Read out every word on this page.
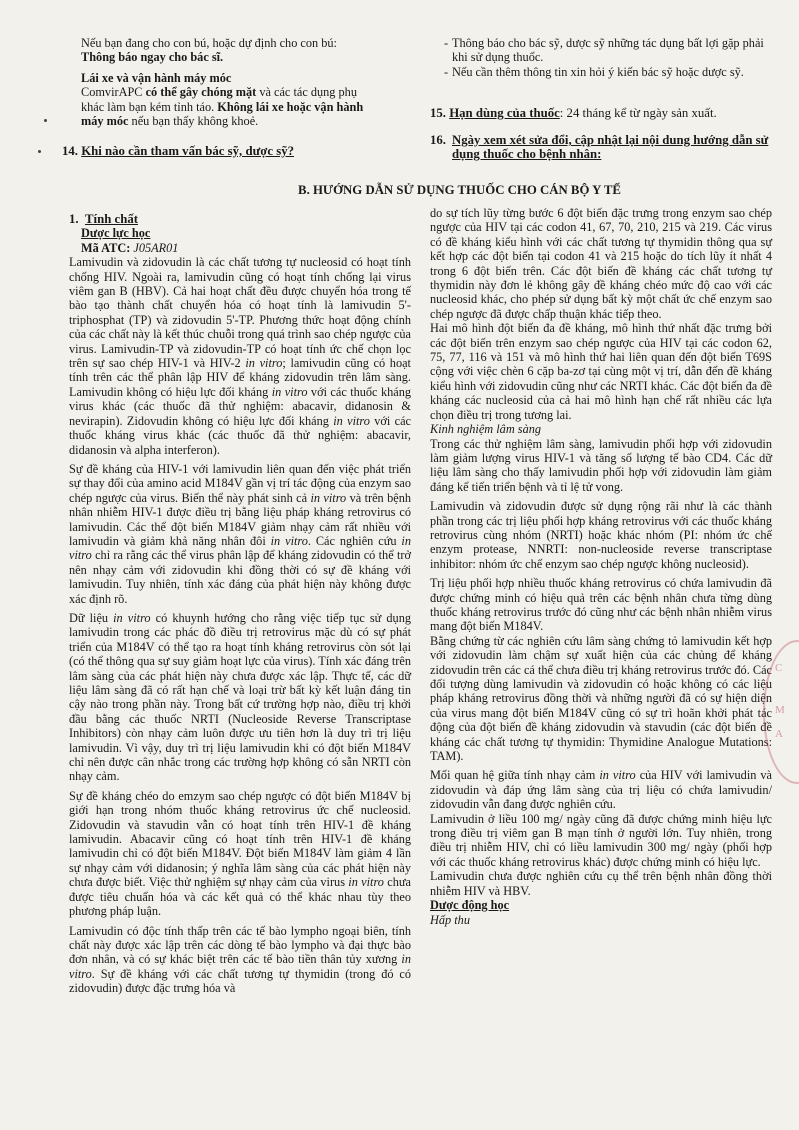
Nếu bạn đang cho con bú, hoặc dự định cho con bú:

Thông báo ngay cho bác sĩ.

Lái xe và vận hành máy móc

ComvirAPC có thể gây chóng mặt và các tác dụng phụ
khác làm bạn kém tỉnh táo. Không lái xe hoặc vận hành
máy móc nếu bạn thấy không khoẻ.

14. Khi nào cần tham vấn bác sỹ, dược sỹ?
- Thông báo cho bác sỹ, dược sỹ những tác dụng bất lợi gặp phải khi sử dụng thuốc.
- Nếu cần thêm thông tin xin hỏi ý kiến bác sỹ hoặc dược sỹ.
15. Hạn dùng của thuốc: 24 tháng kể từ ngày sản xuất.
16. Ngày xem xét sửa đổi, cập nhật lại nội dung hướng dẫn sử dụng thuốc cho bệnh nhân:
B. HƯỚNG DẪN SỬ DỤNG THUỐC CHO CÁN BỘ Y TẾ

1. Tính chất

Dược lực học

Mã ATC: J05AR01

Lamivudin và zidovudin là các chất tương tự nucleosid có hoạt tính chống HIV. Ngoài ra, lamivudin cũng có hoạt tính chống lại virus viêm gan B (HBV). Cả hai hoạt chất đều được chuyển hóa trong tế bào tạo thành chất chuyển hóa có hoạt tính là lamivudin 5'-triphosphat (TP) và zidovudin 5'-TP. Phương thức hoạt động chính của các chất này là kết thúc chuỗi trong quá trình sao chép ngược của virus. Lamivudin-TP và zidovudin-TP có hoạt tính ức chế chọn lọc trên sự sao chép HIV-1 và HIV-2 in vitro; lamivudin cũng có hoạt tính trên các thể phân lập HIV để kháng zidovudin trên lâm sàng. Lamivudin không có hiệu lực đối kháng in vitro với các thuốc kháng virus khác (các thuốc đã thử nghiệm: abacavir, didanosin & nevirapin). Zidovudin không có hiệu lực đối kháng in vitro với các thuốc kháng virus khác (các thuốc đã thử nghiệm: abacavir, didanosin và alpha interferon).

Sự đề kháng của HIV-1 với lamivudin liên quan đến việc phát triển sự thay đổi của amino acid M184V gần vị trí tác động của enzym sao chép ngược của virus. Biến thể này phát sinh cả in vitro và trên bệnh nhân nhiễm HIV-1 được điều trị bằng liệu pháp kháng retrovirus có lamivudin. Các thể đột biến M184V giảm nhạy cảm rất nhiều với lamivudin và giảm khả năng nhân đôi in vitro. Các nghiên cứu in vitro chỉ ra rằng các thể virus phân lập để kháng zidovudin có thể trở nên nhạy cảm với zidovudin khi đồng thời có sự đề kháng với lamivudin. Tuy nhiên, tính xác đáng của phát hiện này không được xác định rõ.

Dữ liệu in vitro có khuynh hướng cho rằng việc tiếp tục sử dụng lamivudin trong các phác đồ điều trị retrovirus mặc dù có sự phát triển của M184V có thể tạo ra hoạt tính kháng retrovirus còn sót lại (có thể thông qua sự suy giảm hoạt lực của virus). Tính xác đáng trên lâm sàng của các phát hiện này chưa được xác lập. Thực tế, các dữ liệu lâm sàng đã có rất hạn chế và loại trừ bất kỳ kết luận đáng tin cậy nào trong phần này. Trong bất cứ trường hợp nào, điều trị khởi đầu bằng các thuốc NRTI (Nucleoside Reverse Transcriptase Inhibitors) còn nhạy cảm luôn được ưu tiên hơn là duy trì trị liệu lamivudin. Vì vậy, duy trì trị liệu lamivudin khi có đột biến M184V chỉ nên được cân nhắc trong các trường hợp không có sẵn NRTI còn nhạy cảm.

Sự đề kháng chéo do emzym sao chép ngược có đột biến M184V bị giới hạn trong nhóm thuốc kháng retrovirus ức chế nucleosid. Zidovudin và stavudin vẫn có hoạt tính trên HIV-1 đề kháng lamivudin. Abacavir cũng có hoạt tính trên HIV-1 đề kháng lamivudin chỉ có đột biến M184V. Đột biến M184V làm giảm 4 lần sự nhạy cảm với didanosin; ý nghĩa lâm sàng của các phát hiện này chưa được biết. Việc thử nghiệm sự nhạy cảm của virus in vitro chưa được tiêu chuẩn hóa và các kết quả có thể khác nhau tùy theo phương pháp luận.

Lamivudin có độc tính thấp trên các tế bào lympho ngoại biên, tính chất này được xác lập trên các dòng tế bào lympho và đại thực bào đơn nhân, và có sự khác biệt trên các tế bào tiền thân tủy xương in vitro. Sự đề kháng với các chất tương tự thymidin (trong đó có zidovudin) được đặc trưng hóa và

do sự tích lũy từng bước 6 đột biến đặc trưng trong enzym sao chép ngược của HIV tại các codon 41, 67, 70, 210, 215 và 219. Các virus có đề kháng kiểu hình với các chất tương tự thymidin thông qua sự kết hợp các đột biến tại codon 41 và 215 hoặc do tích lũy ít nhất 4 trong 6 đột biến trên. Các đột biến đề kháng các chất tương tự thymidin này đơn lẻ không gây đề kháng chéo mức độ cao với các nucleosid khác, cho phép sử dụng bất kỳ một chất ức chế enzym sao chép ngược đã được chấp thuận khác tiếp theo.

Hai mô hình đột biến đa đề kháng, mô hình thứ nhất đặc trưng bởi các đột biến trên enzym sao chép ngược của HIV tại các codon 62, 75, 77, 116 và 151 và mô hình thứ hai liên quan đến đột biến T69S cộng với việc chèn 6 cặp ba-zơ tại cùng một vị trí, dẫn đến đề kháng kiểu hình với zidovudin cũng như các NRTI khác. Các đột biến đa đề kháng các nucleosid của cả hai mô hình hạn chế rất nhiều các lựa chọn điều trị trong tương lai.

Kinh nghiệm lâm sàng

Trong các thử nghiệm lâm sàng, lamivudin phối hợp với zidovudin làm giảm lượng virus HIV-1 và tăng số lượng tế bào CD4. Các dữ liệu lâm sàng cho thấy lamivudin phối hợp với zidovudin làm giảm đáng kể tiến triển bệnh và tỉ lệ tử vong.

Lamivudin và zidovudin được sử dụng rộng rãi như là các thành phần trong các trị liệu phối hợp kháng retrovirus với các thuốc kháng retrovirus cùng nhóm (NRTI) hoặc khác nhóm (PI: nhóm ức chế enzym protease, NNRTI: non-nucleoside reverse transcriptase inhibitor: nhóm ức chế enzym sao chép ngược không nucleosid).

Trị liệu phối hợp nhiều thuốc kháng retrovirus có chứa lamivudin đã được chứng minh có hiệu quả trên các bệnh nhân chưa từng dùng thuốc kháng retrovirus trước đó cũng như các bệnh nhân nhiễm virus mang đột biến M184V.

Bằng chứng từ các nghiên cứu lâm sàng chứng tỏ lamivudin kết hợp với zidovudin làm chậm sự xuất hiện của các chủng để kháng zidovudin trên các cá thể chưa điều trị kháng retrovirus trước đó. Các đối tượng dùng lamivudin và zidovudin có hoặc không có các liệu pháp kháng retrovirus đồng thời và những người đã có sự hiện diện của virus mang đột biến M184V cũng có sự trì hoãn khởi phát tác động của đột biến đề kháng zidovudin và stavudin (các đột biến đề kháng các chất tương tự thymidin: Thymidine Analogue Mutations: TAM).

Mối quan hệ giữa tính nhạy cảm in vitro của HIV với lamivudin và zidovudin và đáp ứng lâm sàng của trị liệu có chứa lamivudin/ zidovudin vẫn đang được nghiên cứu.

Lamivudin ở liều 100 mg/ ngày cũng đã được chứng minh hiệu lực trong điều trị viêm gan B mạn tính ở người lớn. Tuy nhiên, trong điều trị nhiễm HIV, chỉ có liều lamivudin 300 mg/ ngày (phối hợp với các thuốc kháng retrovirus khác) được chứng minh có hiệu lực.

Lamivudin chưa được nghiên cứu cụ thể trên bệnh nhân đồng thời nhiễm HIV và HBV.

Dược động học

Hấp thu

C
M
A
